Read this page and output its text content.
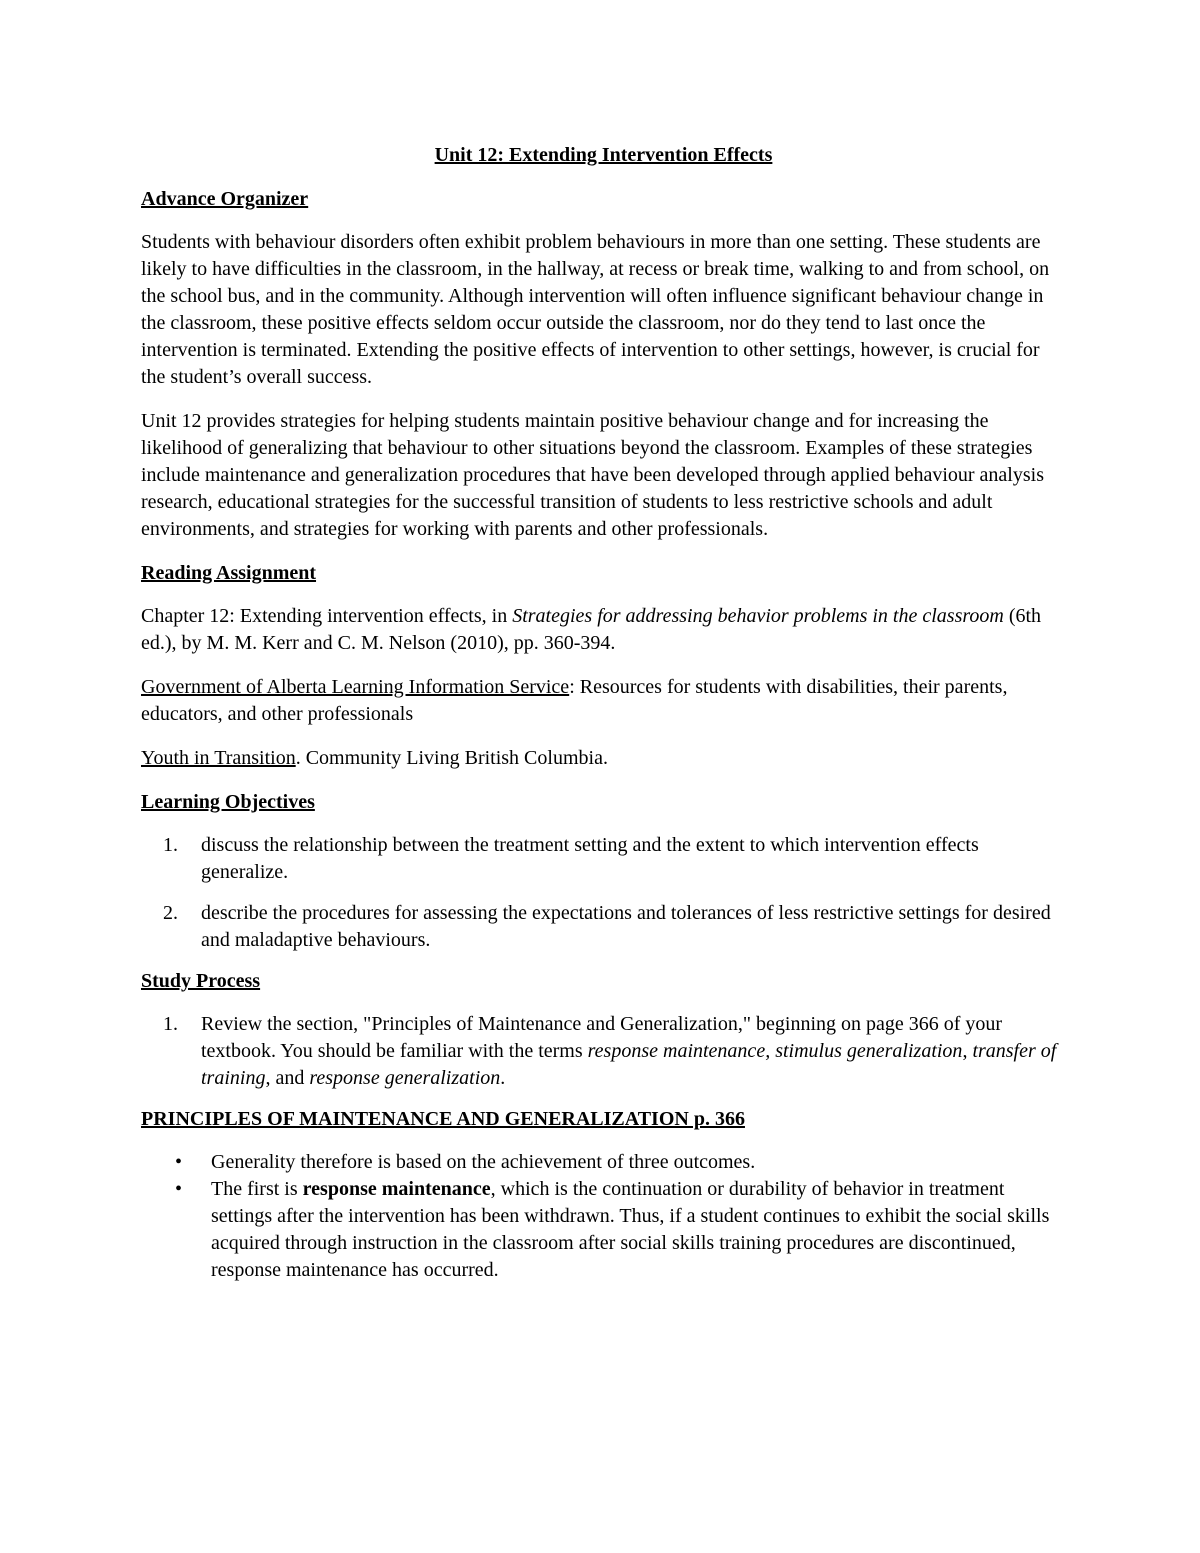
Unit 12: Extending Intervention Effects
Advance Organizer

Students with behaviour disorders often exhibit problem behaviours in more than one setting. These students are likely to have difficulties in the classroom, in the hallway, at recess or break time, walking to and from school, on the school bus, and in the community. Although intervention will often influence significant behaviour change in the classroom, these positive effects seldom occur outside the classroom, nor do they tend to last once the intervention is terminated. Extending the positive effects of intervention to other settings, however, is crucial for the student’s overall success.

Unit 12 provides strategies for helping students maintain positive behaviour change and for increasing the likelihood of generalizing that behaviour to other situations beyond the classroom. Examples of these strategies include maintenance and generalization procedures that have been developed through applied behaviour analysis research, educational strategies for the successful transition of students to less restrictive schools and adult environments, and strategies for working with parents and other professionals.

Reading Assignment

Chapter 12: Extending intervention effects, in Strategies for addressing behavior problems in the classroom (6th ed.), by M. M. Kerr and C. M. Nelson (2010), pp. 360-394.

Government of Alberta Learning Information Service: Resources for students with disabilities, their parents, educators, and other professionals

Youth in Transition. Community Living British Columbia.

Learning Objectives
1. discuss the relationship between the treatment setting and the extent to which intervention effects generalize.
2. describe the procedures for assessing the expectations and tolerances of less restrictive settings for desired and maladaptive behaviours.
Study Process
1. Review the section, "Principles of Maintenance and Generalization," beginning on page 366 of your textbook. You should be familiar with the terms response maintenance, stimulus generalization, transfer of training, and response generalization.
PRINCIPLES OF MAINTENANCE AND GENERALIZATION p. 366
• Generality therefore is based on the achievement of three outcomes.
• The first is response maintenance, which is the continuation or durability of behavior in treatment settings after the intervention has been withdrawn. Thus, if a student continues to exhibit the social skills acquired through instruction in the classroom after social skills training procedures are discontinued, response maintenance has occurred.
